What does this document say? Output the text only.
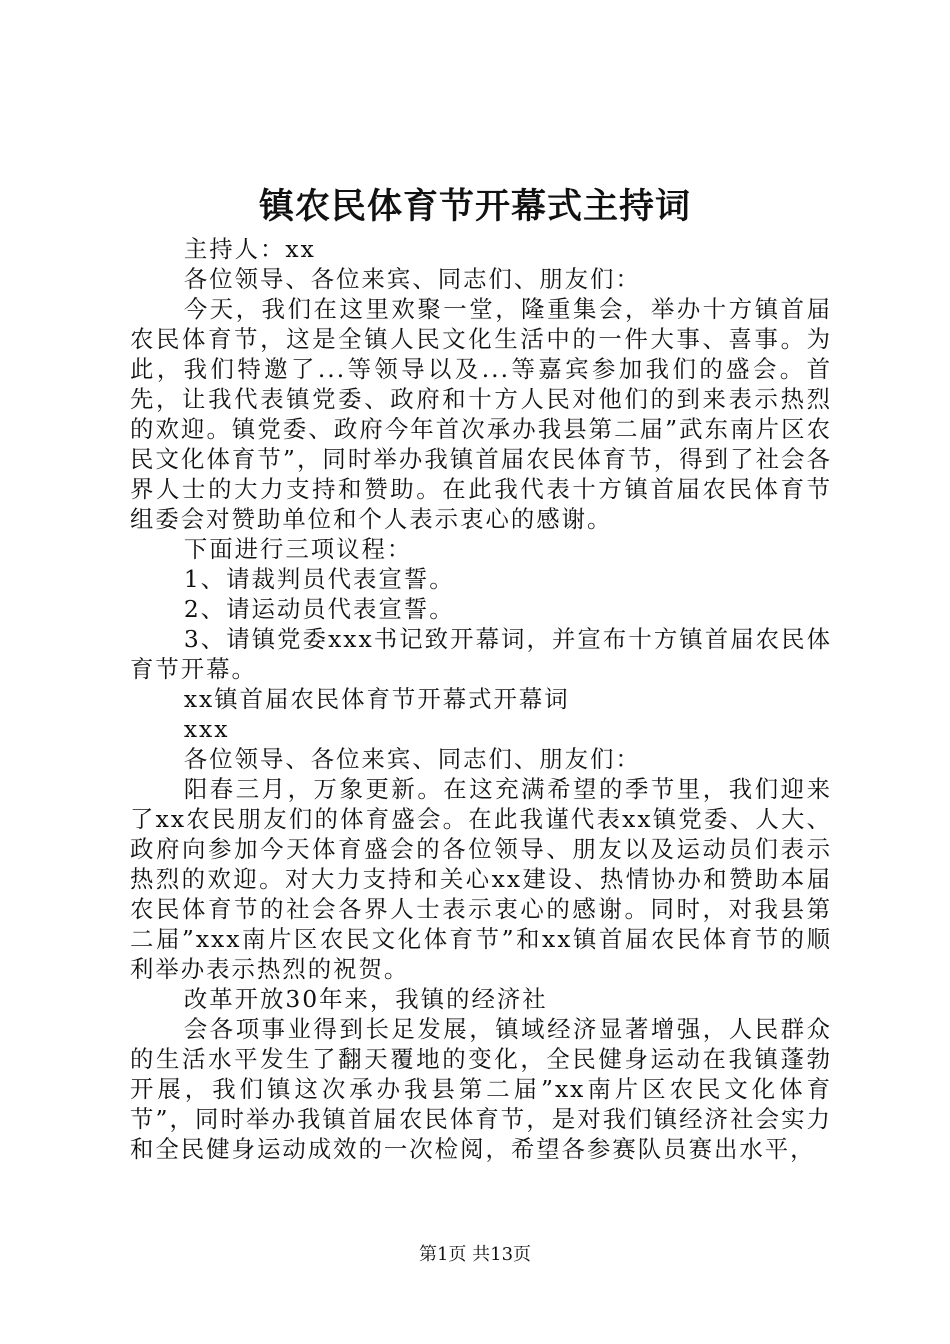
镇农民体育节开幕式主持词

主持人：xx

各位领导、各位来宾、同志们、朋友们：

今天，我们在这里欢聚一堂，隆重集会，举办十方镇首届农民体育节，这是全镇人民文化生活中的一件大事、喜事。为此，我们特邀了...等领导以及...等嘉宾参加我们的盛会。首先，让我代表镇党委、政府和十方人民对他们的到来表示热烈的欢迎。镇党委、政府今年首次承办我县第二届”武东南片区农民文化体育节”，同时举办我镇首届农民体育节，得到了社会各界人士的大力支持和赞助。在此我代表十方镇首届农民体育节组委会对赞助单位和个人表示衷心的感谢。

下面进行三项议程：

1、请裁判员代表宣誓。

2、请运动员代表宣誓。

3、请镇党委xxx书记致开幕词，并宣布十方镇首届农民体育节开幕。

xx镇首届农民体育节开幕式开幕词

xxx

各位领导、各位来宾、同志们、朋友们：

阳春三月，万象更新。在这充满希望的季节里，我们迎来了xx农民朋友们的体育盛会。在此我谨代表xx镇党委、人大、政府向参加今天体育盛会的各位领导、朋友以及运动员们表示热烈的欢迎。对大力支持和关心xx建设、热情协办和赞助本届农民体育节的社会各界人士表示衷心的感谢。同时，对我县第二届”xxx南片区农民文化体育节”和xx镇首届农民体育节的顺利举办表示热烈的祝贺。

改革开放30年来，我镇的经济社

会各项事业得到长足发展，镇域经济显著增强，人民群众的生活水平发生了翻天覆地的变化，全民健身运动在我镇蓬勃开展，我们镇这次承办我县第二届”xx南片区农民文化体育节”，同时举办我镇首届农民体育节，是对我们镇经济社会实力和全民健身运动成效的一次检阅，希望各参赛队员赛出水平，

第1页 共13页
